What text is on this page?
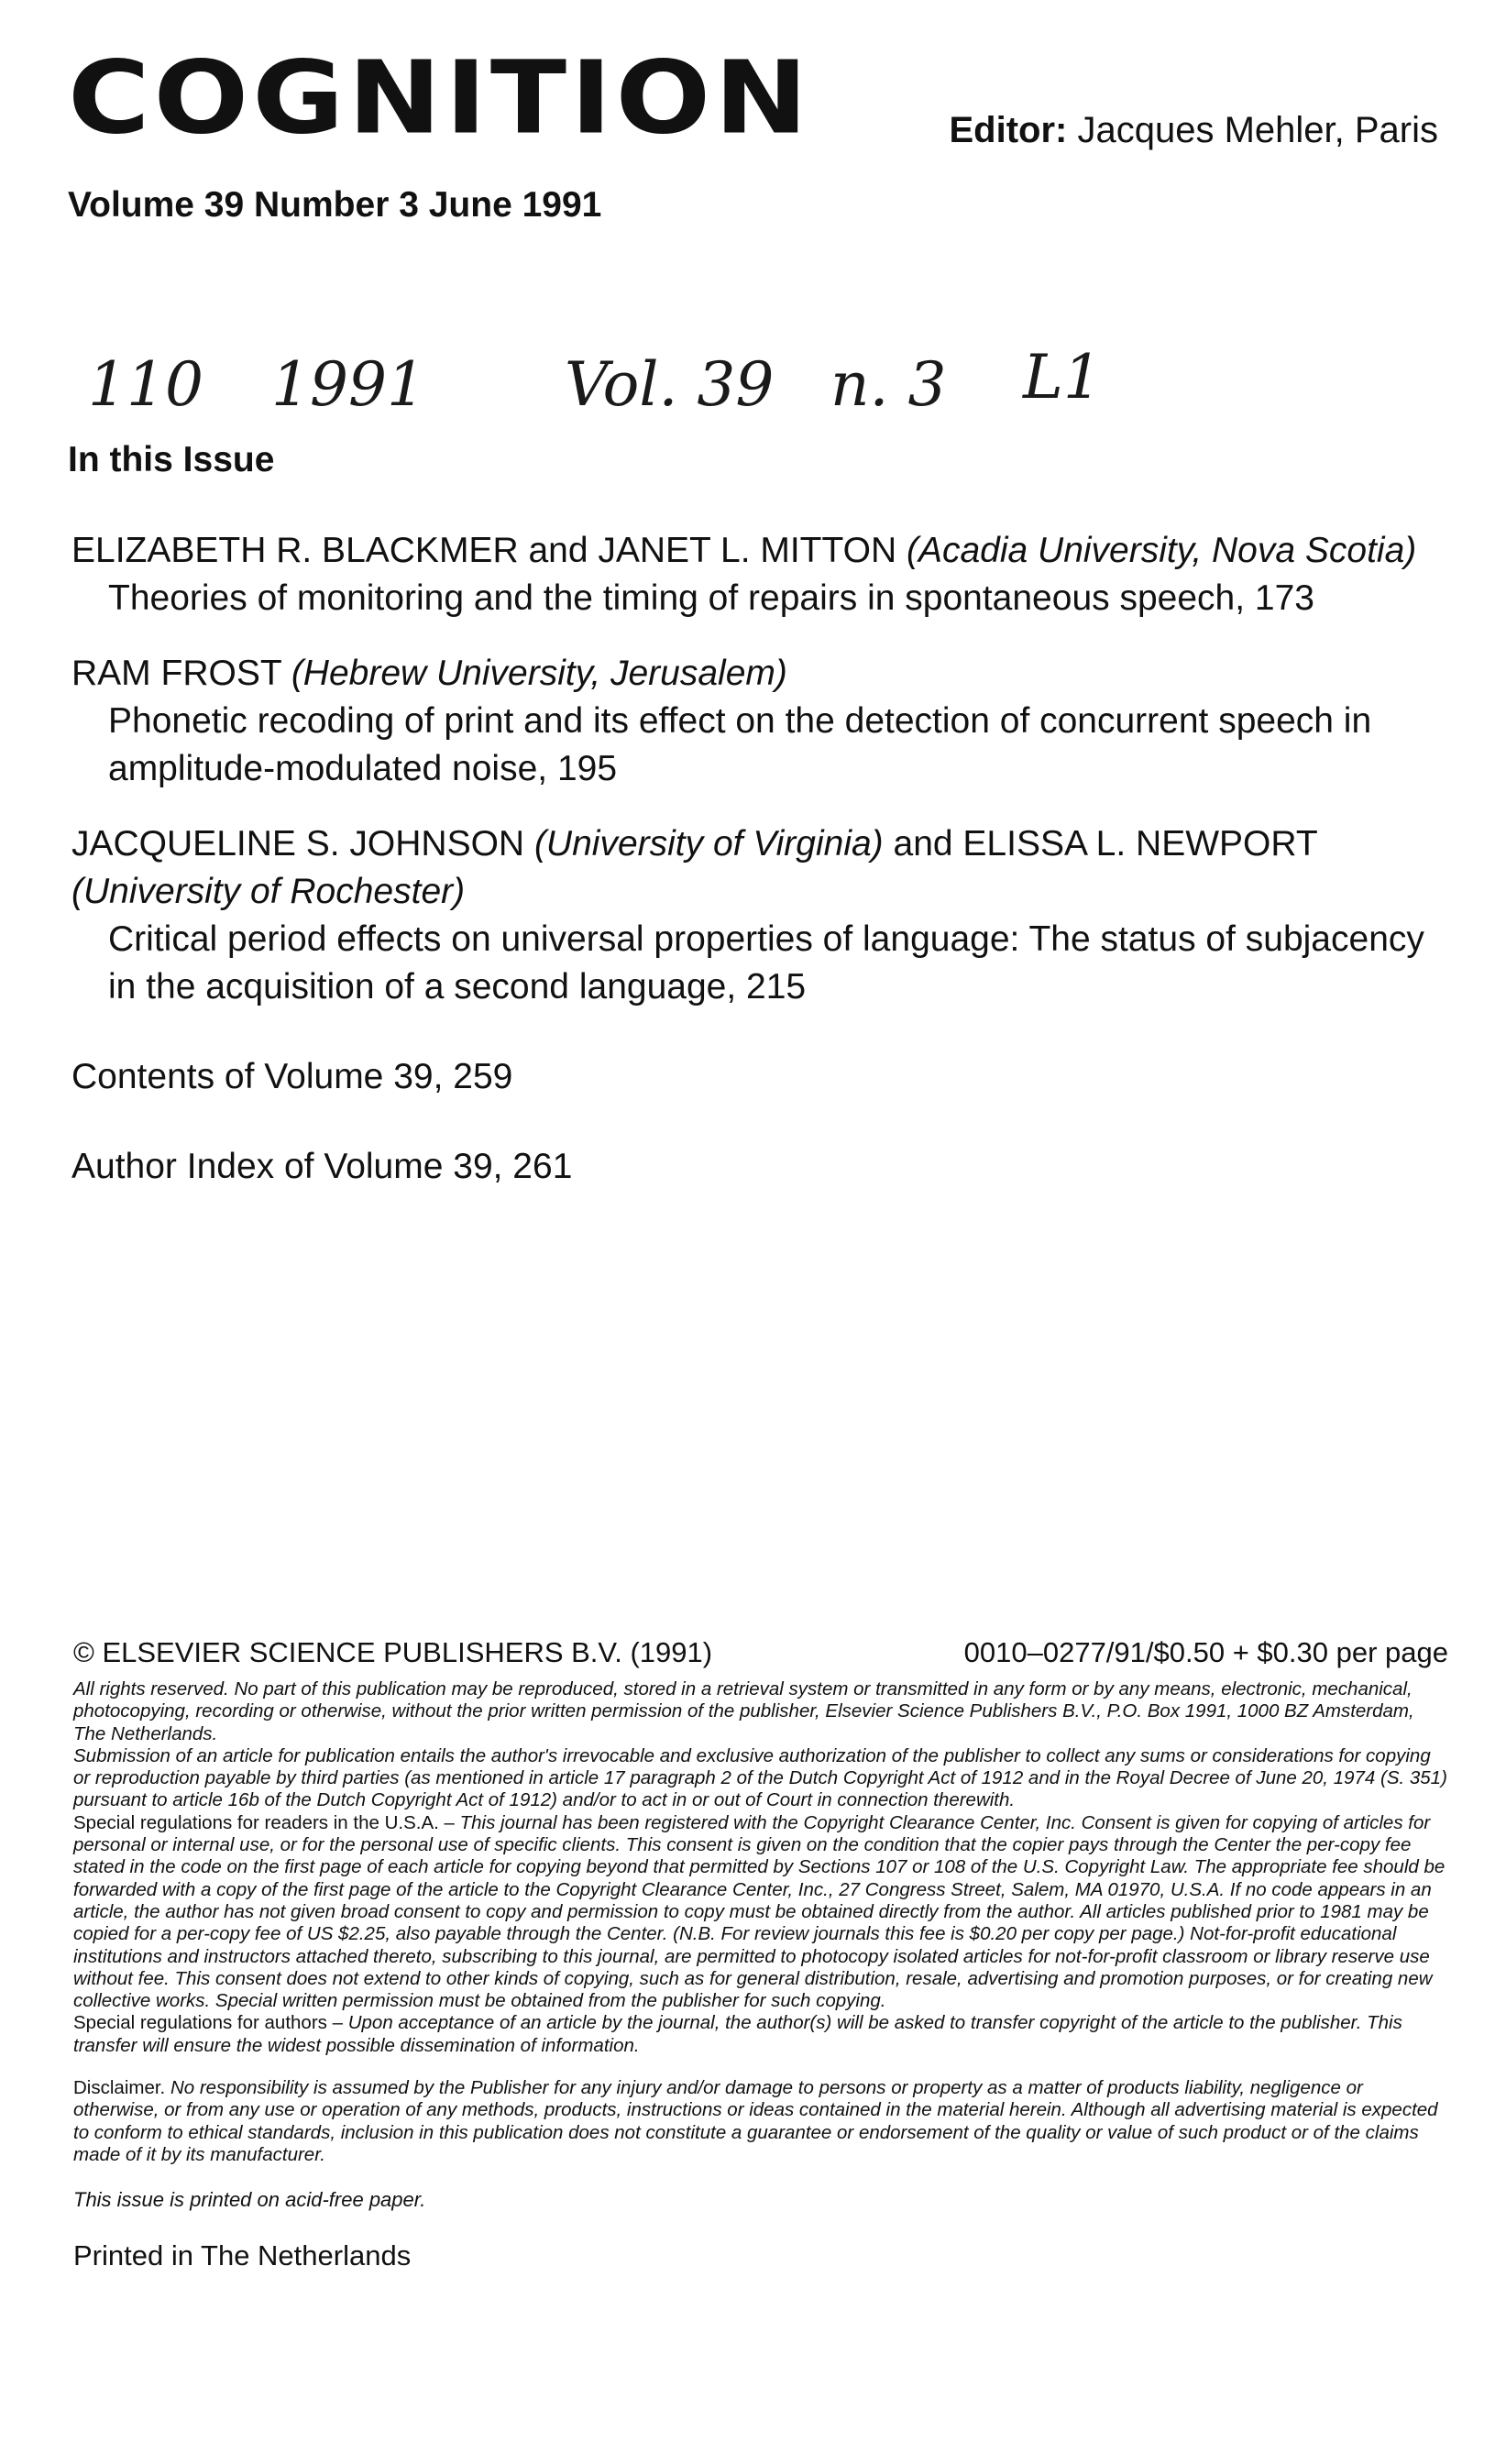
COGNITION	Editor: Jacques Mehler, Paris
Volume 39 Number 3 June 1991
110 1991 Vol. 39 n. 3 L1
In this Issue

ELIZABETH R. BLACKMER and JANET L. MITTON (Acadia University, Nova Scotia)

Theories of monitoring and the timing of repairs in spontaneous speech, 173

RAM FROST (Hebrew University, Jerusalem)

Phonetic recoding of print and its effect on the detection of concurrent speech in amplitude-modulated noise, 195

JACQUELINE S. JOHNSON (University of Virginia) and ELISSA L. NEWPORT (University of Rochester)

Critical period effects on universal properties of language: The status of subjacency in the acquisition of a second language, 215

Contents of Volume 39, 259

Author Index of Volume 39, 261

© ELSEVIER SCIENCE PUBLISHERS B.V. (1991)	0010–0277/91/$0.50 + $0.30 per page

All rights reserved. No part of this publication may be reproduced, stored in a retrieval system or transmitted in any form or by any means, electronic, mechanical, photocopying, recording or otherwise, without the prior written permission of the publisher, Elsevier Science Publishers B.V., P.O. Box 1991, 1000 BZ Amsterdam, The Netherlands.

Submission of an article for publication entails the author's irrevocable and exclusive authorization of the publisher to collect any sums or considerations for copying or reproduction payable by third parties (as mentioned in article 17 paragraph 2 of the Dutch Copyright Act of 1912 and in the Royal Decree of June 20, 1974 (S. 351) pursuant to article 16b of the Dutch Copyright Act of 1912) and/or to act in or out of Court in connection therewith.

Special regulations for readers in the U.S.A. – This journal has been registered with the Copyright Clearance Center, Inc. Consent is given for copying of articles for personal or internal use, or for the personal use of specific clients. This consent is given on the condition that the copier pays through the Center the per-copy fee stated in the code on the first page of each article for copying beyond that permitted by Sections 107 or 108 of the U.S. Copyright Law. The appropriate fee should be forwarded with a copy of the first page of the article to the Copyright Clearance Center, Inc., 27 Congress Street, Salem, MA 01970, U.S.A. If no code appears in an article, the author has not given broad consent to copy and permission to copy must be obtained directly from the author. All articles published prior to 1981 may be copied for a per-copy fee of US $2.25, also payable through the Center. (N.B. For review journals this fee is $0.20 per copy per page.) Not-for-profit educational institutions and instructors attached thereto, subscribing to this journal, are permitted to photocopy isolated articles for not-for-profit classroom or library reserve use without fee. This consent does not extend to other kinds of copying, such as for general distribution, resale, advertising and promotion purposes, or for creating new collective works. Special written permission must be obtained from the publisher for such copying.

Special regulations for authors – Upon acceptance of an article by the journal, the author(s) will be asked to transfer copyright of the article to the publisher. This transfer will ensure the widest possible dissemination of information.

Disclaimer. No responsibility is assumed by the Publisher for any injury and/or damage to persons or property as a matter of products liability, negligence or otherwise, or from any use or operation of any methods, products, instructions or ideas contained in the material herein. Although all advertising material is expected to conform to ethical standards, inclusion in this publication does not constitute a guarantee or endorsement of the quality or value of such product or of the claims made of it by its manufacturer.

This issue is printed on acid-free paper.

Printed in The Netherlands
